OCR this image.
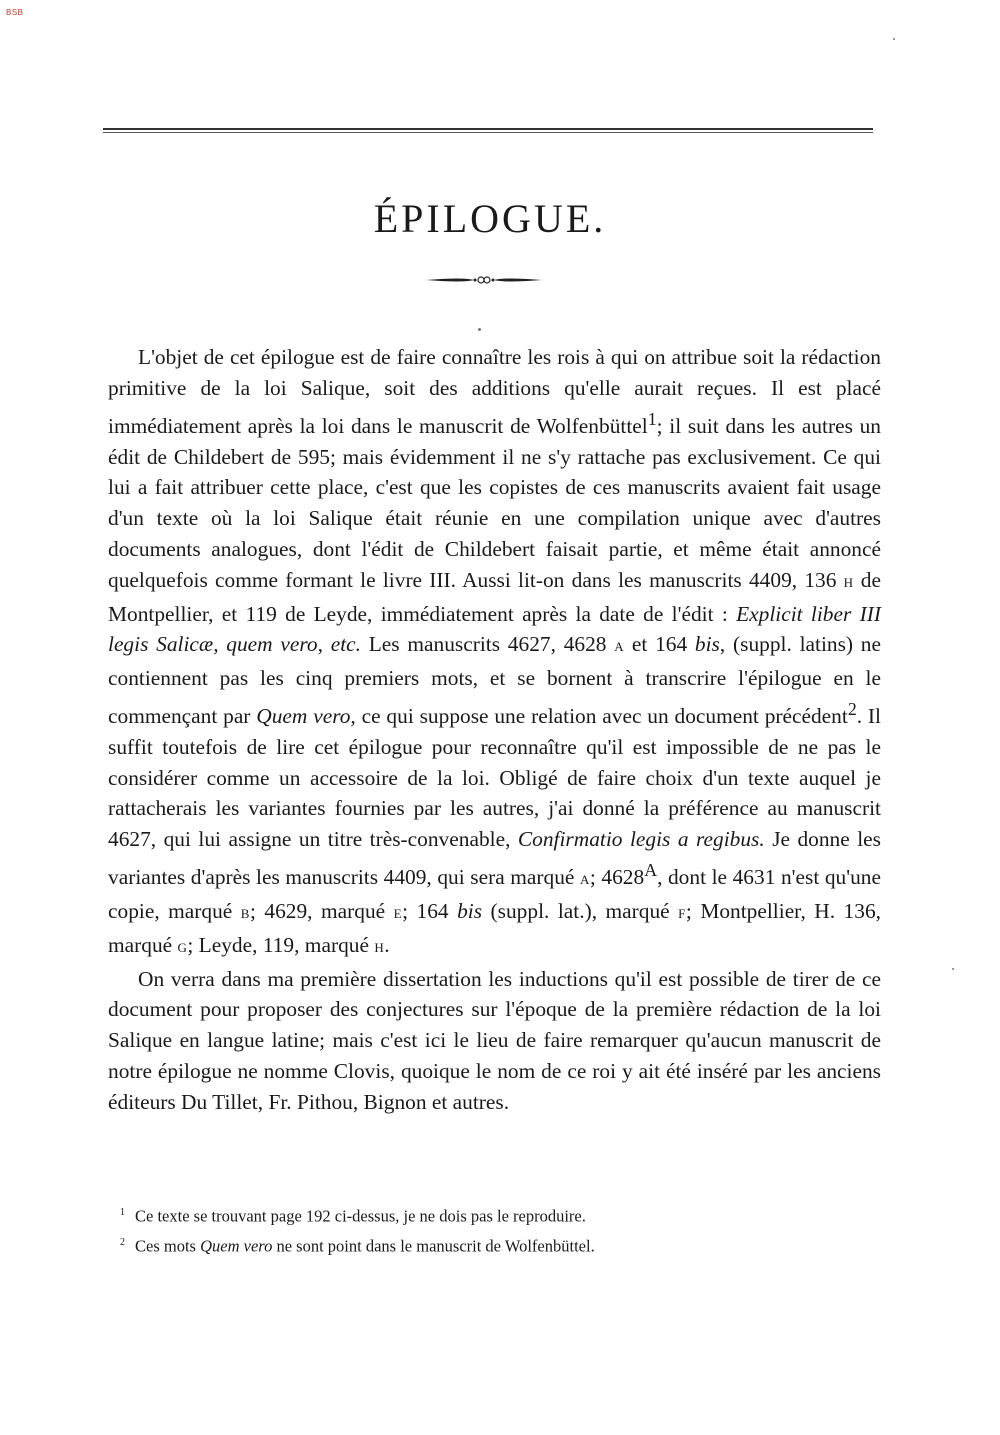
BSB
ÉPILOGUE.

L'objet de cet épilogue est de faire connaître les rois à qui on attribue soit la rédaction primitive de la loi Salique, soit des additions qu'elle aurait reçues. Il est placé immédiatement après la loi dans le manuscrit de Wolfenbüttel$^1$; il suit dans les autres un édit de Childebert de 595; mais évidemment il ne s'y rattache pas exclusivement. Ce qui lui a fait attribuer cette place, c'est que les copistes de ces manuscrits avaient fait usage d'un texte où la loi Salique était réunie en une compilation unique avec d'autres documents analogues, dont l'édit de Childebert faisait partie, et même était annoncé quelquefois comme formant le livre III. Aussi lit-on dans les manuscrits 4409, 136 H de Montpellier, et 119 de Leyde, immédiatement après la date de l'édit : Explicit liber III legis Salicæ, quem vero, etc. Les manuscrits 4627, 4628 A et 164 bis, (suppl. latins) ne contiennent pas les cinq premiers mots, et se bornent à transcrire l'épilogue en le commençant par Quem vero, ce qui suppose une relation avec un document précédent$^2$. Il suffit toutefois de lire cet épilogue pour reconnaître qu'il est impossible de ne pas le considérer comme un accessoire de la loi. Obligé de faire choix d'un texte auquel je rattacherais les variantes fournies par les autres, j'ai donné la préférence au manuscrit 4627, qui lui assigne un titre très-convenable, Confirmatio legis a regibus. Je donne les variantes d'après les manuscrits 4409, qui sera marqué A; $4628^A$, dont le 4631 n'est qu'une copie, marqué B; 4629, marqué E; 164 bis (suppl. lat.), marqué F; Montpellier, H. 136, marqué G; Leyde, 119, marqué H.

On verra dans ma première dissertation les inductions qu'il est possible de tirer de ce document pour proposer des conjectures sur l'époque de la première rédaction de la loi Salique en langue latine; mais c'est ici le lieu de faire remarquer qu'aucun manuscrit de notre épilogue ne nomme Clovis, quoique le nom de ce roi y ait été inséré par les anciens éditeurs Du Tillet, Fr. Pithou, Bignon et autres.

$^1$ Ce texte se trouvant page 192 ci-dessus, je ne dois pas le reproduire.

$^2$ Ces mots Quem vero ne sont point dans le manuscrit de Wolfenbüttel.
